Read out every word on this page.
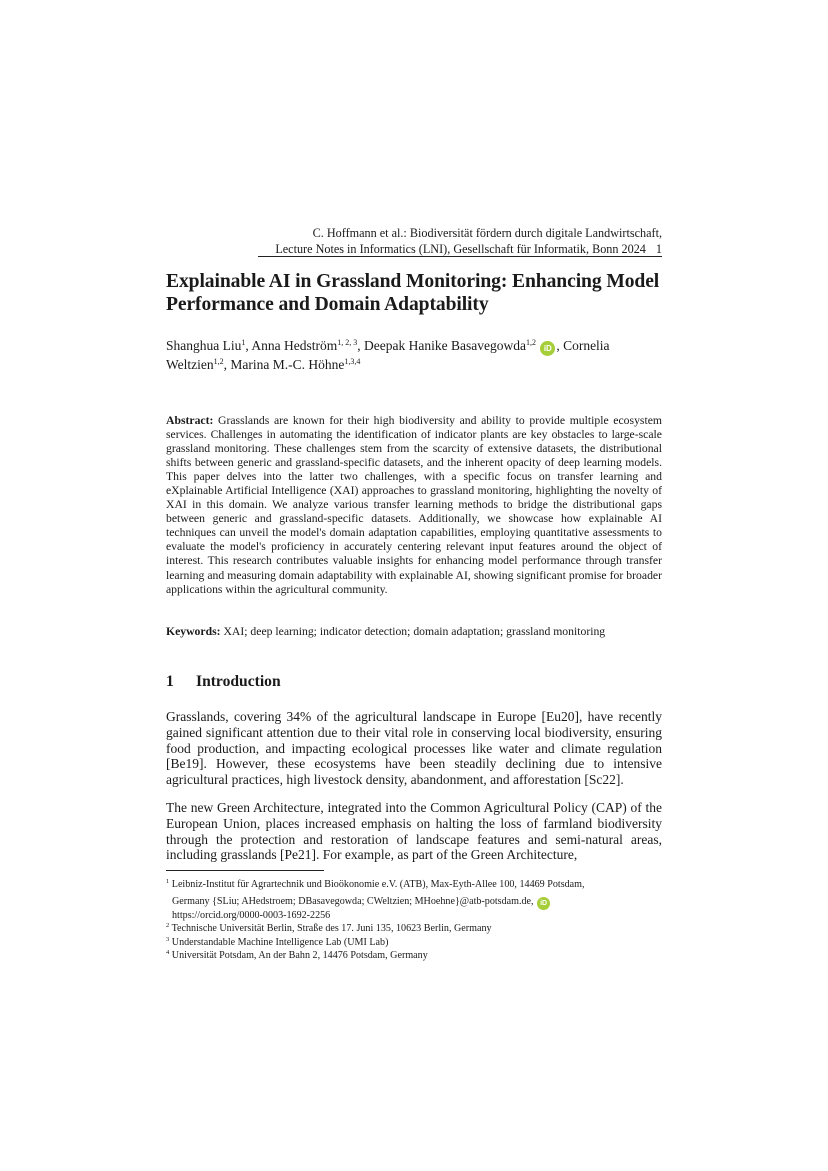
C. Hoffmann et al.: Biodiversität fördern durch digitale Landwirtschaft,
Lecture Notes in Informatics (LNI), Gesellschaft für Informatik, Bonn 2024 1
Explainable AI in Grassland Monitoring: Enhancing Model Performance and Domain Adaptability
Shanghua Liu$^1$, Anna Hedström$^{1, 2, 3}$, Deepak Hanike Basavegowda$^{1,2}$ iD , Cornelia Weltzien$^{1,2}$, Marina M.-C. Höhne$^{1,3,4}$
Abstract: Grasslands are known for their high biodiversity and ability to provide multiple ecosystem services. Challenges in automating the identification of indicator plants are key obstacles to large-scale grassland monitoring. These challenges stem from the scarcity of extensive datasets, the distributional shifts between generic and grassland-specific datasets, and the inherent opacity of deep learning models. This paper delves into the latter two challenges, with a specific focus on transfer learning and eXplainable Artificial Intelligence (XAI) approaches to grassland monitoring, highlighting the novelty of XAI in this domain. We analyze various transfer learning methods to bridge the distributional gaps between generic and grassland-specific datasets. Additionally, we showcase how explainable AI techniques can unveil the model's domain adaptation capabilities, employing quantitative assessments to evaluate the model's proficiency in accurately centering relevant input features around the object of interest. This research contributes valuable insights for enhancing model performance through transfer learning and measuring domain adaptability with explainable AI, showing significant promise for broader applications within the agricultural community.
Keywords: XAI; deep learning; indicator detection; domain adaptation; grassland monitoring
1 Introduction

Grasslands, covering 34% of the agricultural landscape in Europe [Eu20], have recently gained significant attention due to their vital role in conserving local biodiversity, ensuring food production, and impacting ecological processes like water and climate regulation [Be19]. However, these ecosystems have been steadily declining due to intensive agricultural practices, high livestock density, abandonment, and afforestation [Sc22].

The new Green Architecture, integrated into the Common Agricultural Policy (CAP) of the European Union, places increased emphasis on halting the loss of farmland biodiversity through the protection and restoration of landscape features and semi-natural areas, including grasslands [Pe21]. For example, as part of the Green Architecture,

$^1$ Leibniz-Institut für Agrartechnik und Bioökonomie e.V. (ATB), Max-Eyth-Allee 100, 14469 Potsdam,
Germany {SLiu; AHedstroem; DBasavegowda; CWeltzien; MHoehne}@atb-potsdam.de, iD
https://orcid.org/0000-0003-1692-2256
$^2$ Technische Universität Berlin, Straße des 17. Juni 135, 10623 Berlin, Germany
$^3$ Understandable Machine Intelligence Lab (UMI Lab)
$^4$ Universität Potsdam, An der Bahn 2, 14476 Potsdam, Germany
